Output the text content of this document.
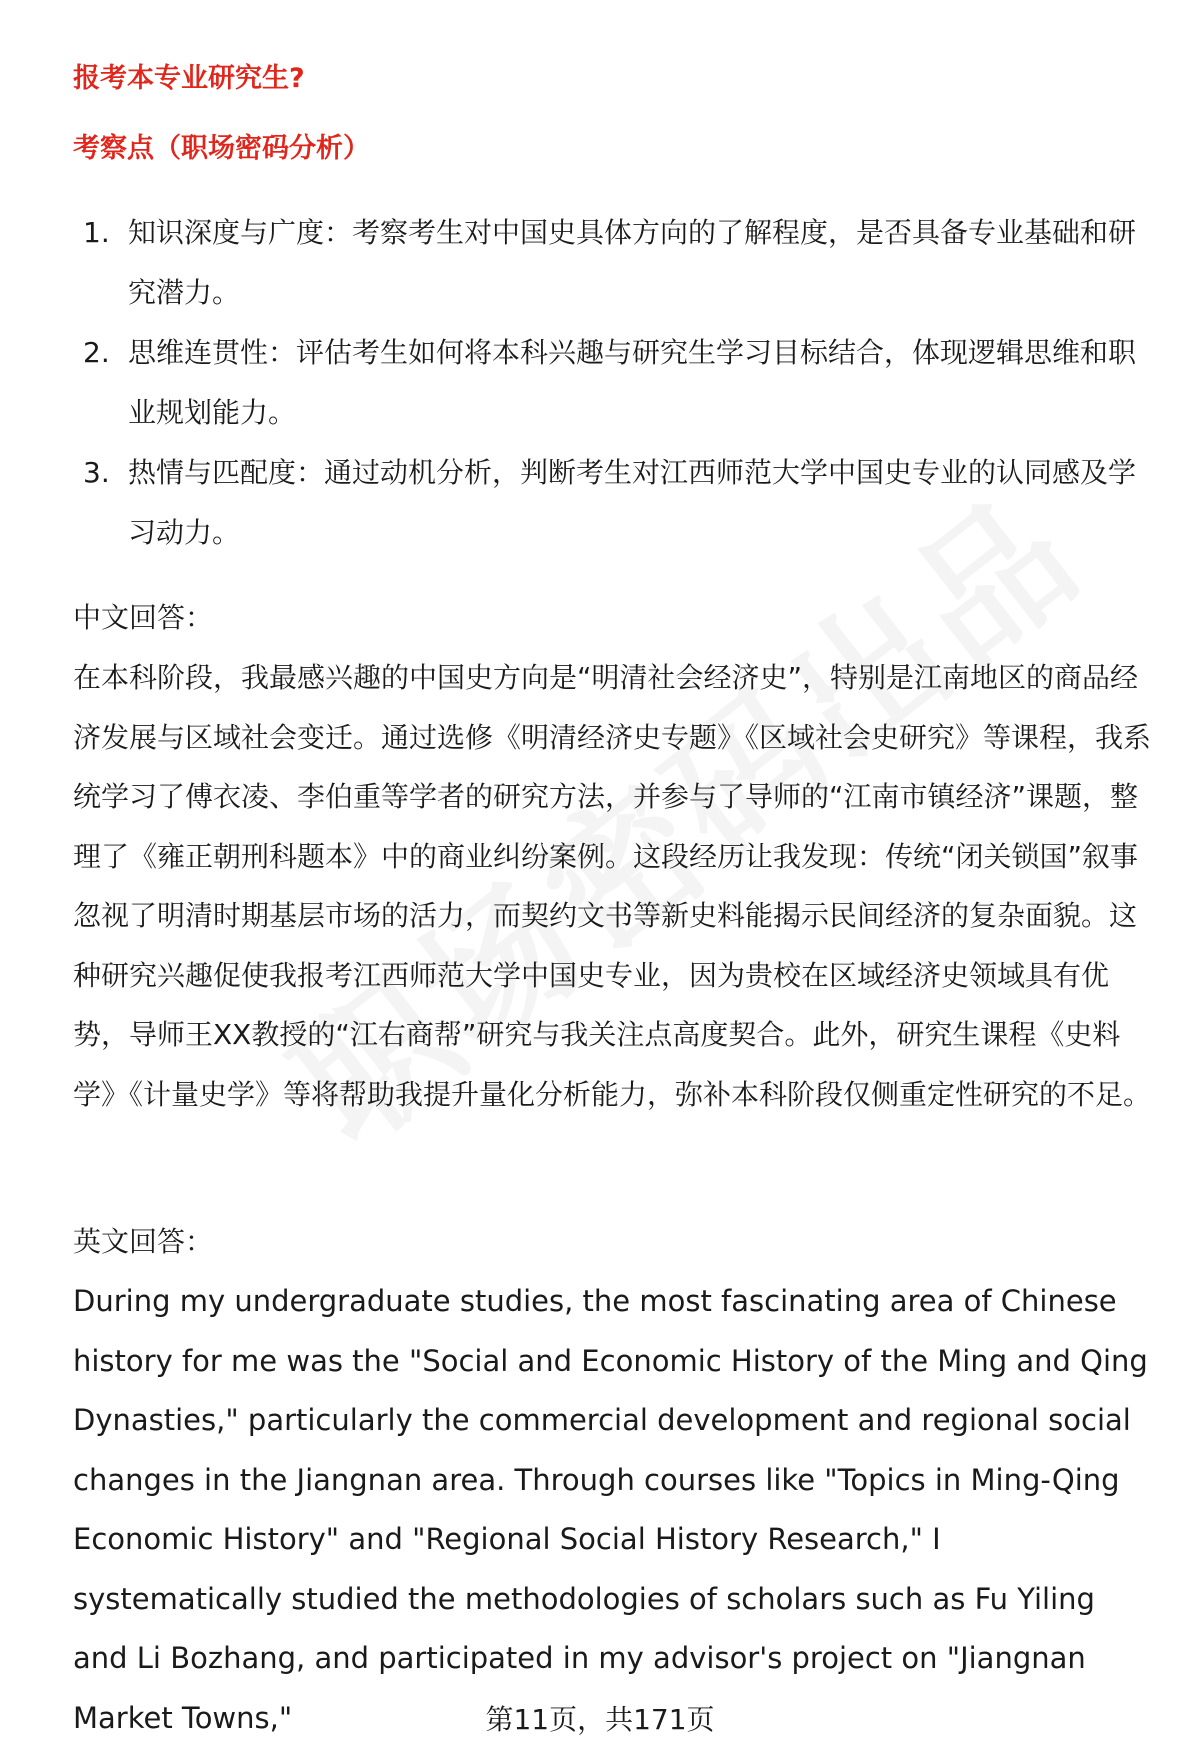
报考本专业研究生?
考察点（职场密码分析）
1. 知识深度与广度：考察考生对中国史具体方向的了解程度，是否具备专业基础和研究潜力。
2. 思维连贯性：评估考生如何将本科兴趣与研究生学习目标结合，体现逻辑思维和职业规划能力。
3. 热情与匹配度：通过动机分析，判断考生对江西师范大学中国史专业的认同感及学习动力。

中文回答：

在本科阶段，我最感兴趣的中国史方向是“明清社会经济史”，特别是江南地区的商品经济发展与区域社会变迁。通过选修《明清经济史专题》《区域社会史研究》等课程，我系统学习了傅衣凌、李伯重等学者的研究方法，并参与了导师的“江南市镇经济”课题，整理了《雍正朝刑科题本》中的商业纠纷案例。这段经历让我发现：传统“闭关锁国”叙事忽视了明清时期基层市场的活力，而契约文书等新史料能揭示民间经济的复杂面貌。这种研究兴趣促使我报考江西师范大学中国史专业，因为贵校在区域经济史领域具有优势，导师王XX教授的“江右商帮”研究与我关注点高度契合。此外，研究生课程《史料学》《计量史学》等将帮助我提升量化分析能力，弥补本科阶段仅侧重定性研究的不足。

英文回答：

During my undergraduate studies, the most fascinating area of Chinese history for me was the "Social and Economic History of the Ming and Qing Dynasties," particularly the commercial development and regional social changes in the Jiangnan area. Through courses like "Topics in Ming-Qing Economic History" and "Regional Social History Research," I systematically studied the methodologies of scholars such as Fu Yiling and Li Bozhang, and participated in my advisor's project on "Jiangnan Market Towns,"	第11页，共171页
